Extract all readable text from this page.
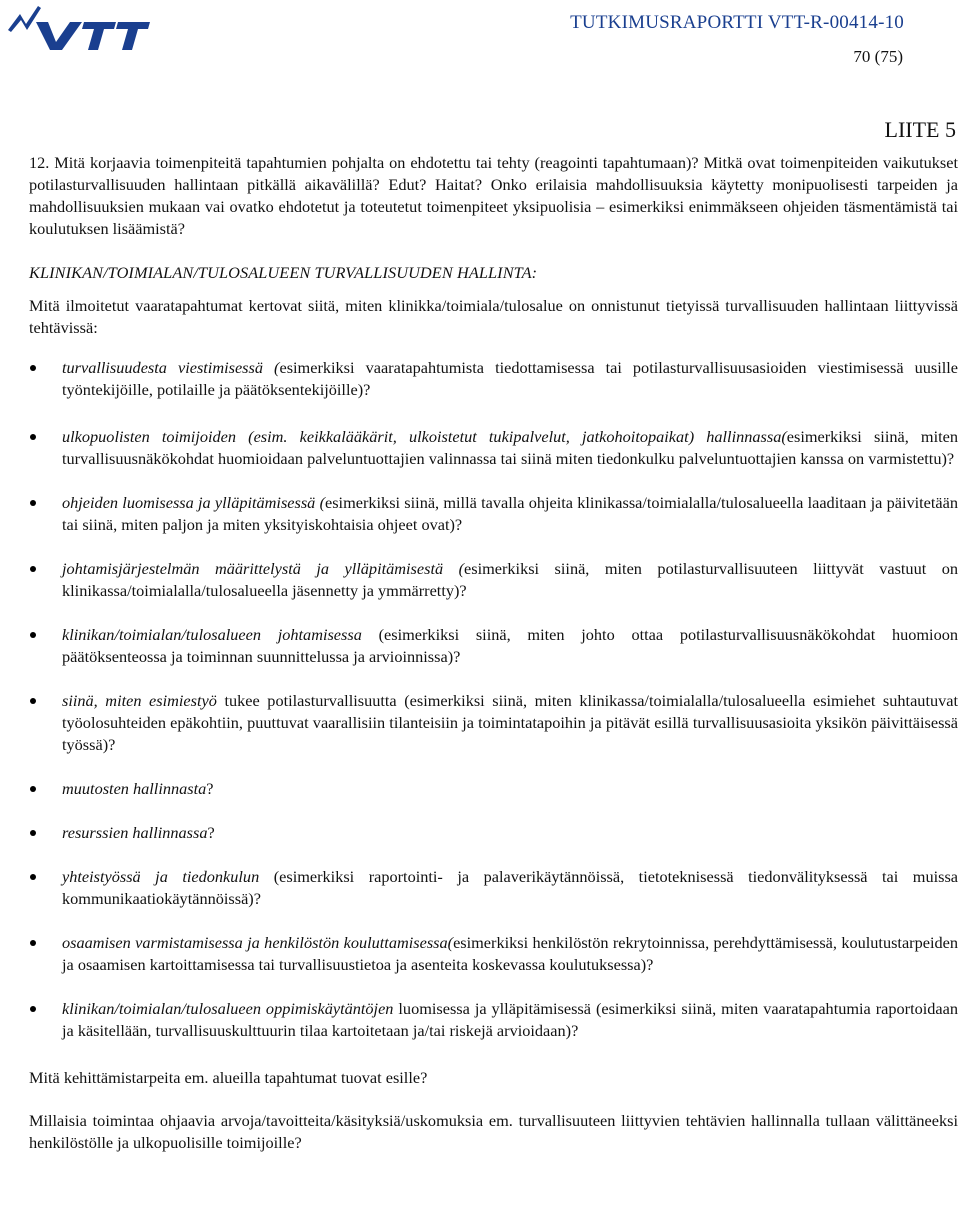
TUTKIMUSRAPORTTI VTT-R-00414-10
70 (75)
LIITE 5

12. Mitä korjaavia toimenpiteitä tapahtumien pohjalta on ehdotettu tai tehty (reagointi tapahtumaan)? Mitkä ovat toimenpiteiden vaikutukset potilasturvallisuuden hallintaan pitkällä aikavälillä? Edut? Haitat? Onko erilaisia mahdollisuuksia käytetty monipuolisesti tarpeiden ja mahdollisuuksien mukaan vai ovatko ehdotetut ja toteutetut toimenpiteet yksipuolisia – esimerkiksi enimmäkseen ohjeiden täsmentämistä tai koulutuksen lisäämistä?

KLINIKAN/TOIMIALAN/TULOSALUEEN TURVALLISUUDEN HALLINTA:

Mitä ilmoitetut vaaratapahtumat kertovat siitä, miten klinikka/toimiala/tulosalue on onnistunut tietyissä turvallisuuden hallintaan liittyvissä tehtävissä:

turvallisuudesta viestimisessä (esimerkiksi vaaratapahtumista tiedottamisessa tai potilasturvallisuusasioiden viestimisessä uusille työntekijöille, potilaille ja päätöksentekijöille)?
ulkopuolisten toimijoiden (esim. keikkalääkärit, ulkoistetut tukipalvelut, jatkohoitopaikat) hallinnassa(esimerkiksi siinä, miten turvallisuusnäkökohdat huomioidaan palveluntuottajien valinnassa tai siinä miten tiedonkulku palveluntuottajien kanssa on varmistettu)?
ohjeiden luomisessa ja ylläpitämisessä (esimerkiksi siinä, millä tavalla ohjeita klinikassa/toimialalla/tulosalueella laaditaan ja päivitetään tai siinä, miten paljon ja miten yksityiskohtaisia ohjeet ovat)?
johtamisjärjestelmän määrittelystä ja ylläpitämisestä (esimerkiksi siinä, miten potilasturvallisuuteen liittyvät vastuut on klinikassa/toimialalla/tulosalueella jäsennetty ja ymmärretty)?
klinikan/toimialan/tulosalueen johtamisessa (esimerkiksi siinä, miten johto ottaa potilasturvallisuusnäkökohdat huomioon päätöksenteossa ja toiminnan suunnittelussa ja arvioinnissa)?
siinä, miten esimiestyö tukee potilasturvallisuutta (esimerkiksi siinä, miten klinikassa/toimialalla/tulosalueella esimiehet suhtautuvat työolosuhteiden epäkohtiin, puuttuvat vaarallisiin tilanteisiin ja toimintatapoihin ja pitävät esillä turvallisuusasioita yksikön päivittäisessä työssä)?
muutosten hallinnasta?
resurssien hallinnassa?
yhteistyössä ja tiedonkulun (esimerkiksi raportointi- ja palaverikäytännöissä, tietoteknisessä tiedonvälityksessä tai muissa kommunikaatiokäytännöissä)?
osaamisen varmistamisessa ja henkilöstön kouluttamisessa(esimerkiksi henkilöstön rekrytoinnissa, perehdyttämisessä, koulutustarpeiden ja osaamisen kartoittamisessa tai turvallisuustietoa ja asenteita koskevassa koulutuksessa)?
klinikan/toimialan/tulosalueen oppimiskäytäntöjen luomisessa ja ylläpitämisessä (esimerkiksi siinä, miten vaaratapahtumia raportoidaan ja käsitellään, turvallisuuskulttuurin tilaa kartoitetaan ja/tai riskejä arvioidaan)?

Mitä kehittämistarpeita em. alueilla tapahtumat tuovat esille?

Millaisia toimintaa ohjaavia arvoja/tavoitteita/käsityksiä/uskomuksia em. turvallisuuteen liittyvien tehtävien hallinnalla tullaan välittäneeksi henkilöstölle ja ulkopuolisille toimijoille?
